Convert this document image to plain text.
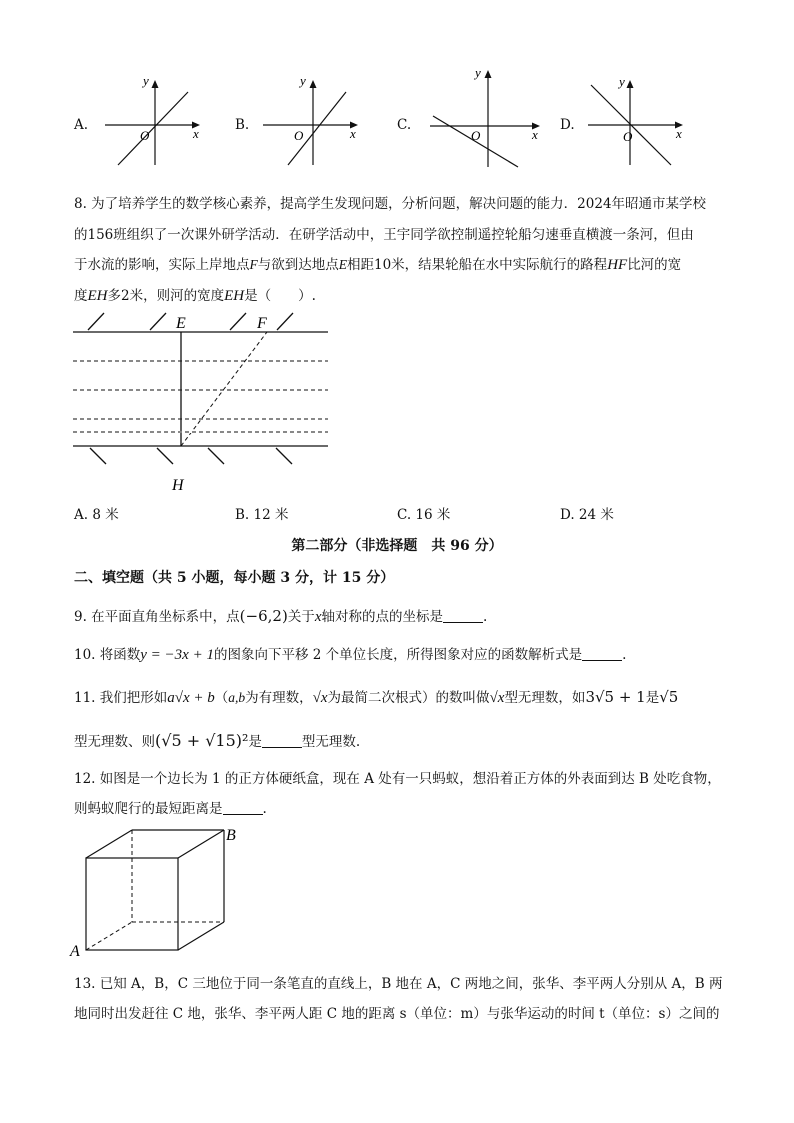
A.
y
x
O
B.
y
x
O
C.
y
x
O
D.
y
x
O
8. 为了培养学生的数学核心素养，提高学生发现问题，分析问题，解决问题的能力．2024年昭通市某学校
的156班组织了一次课外研学活动．在研学活动中，王宇同学欲控制遥控轮船匀速垂直横渡一条河，但由
于水流的影响，实际上岸地点F与欲到达地点E相距10米，结果轮船在水中实际航行的路程HF比河的宽
度EH多2米，则河的宽度EH是（　　）.
E	F
H
A. 8 米	B. 12 米	C. 16 米	D. 24 米
第二部分（非选择题　共 96 分）
二、填空题（共 5 小题，每小题 3 分，计 15 分）
9. 在平面直角坐标系中，点(−6,2)关于x轴对称的点的坐标是	.
10. 将函数y = −3x + 1的图象向下平移 2 个单位长度，所得图象对应的函数解析式是	.
11. 我们把形如a√x + b（a,b为有理数，√x为最简二次根式）的数叫做√x型无理数，如3√5 + 1是√5
型无理数、则(√5 + √15)²是	型无理数.
12. 如图是一个边长为 1 的正方体硬纸盒，现在 A 处有一只蚂蚁，想沿着正方体的外表面到达 B 处吃食物，
则蚂蚁爬行的最短距离是	.
B
A
13. 已知 A，B，C 三地位于同一条笔直的直线上，B 地在 A，C 两地之间，张华、李平两人分别从 A，B 两
地同时出发赶往 C 地，张华、李平两人距 C 地的距离 s（单位：m）与张华运动的时间 t（单位：s）之间的
